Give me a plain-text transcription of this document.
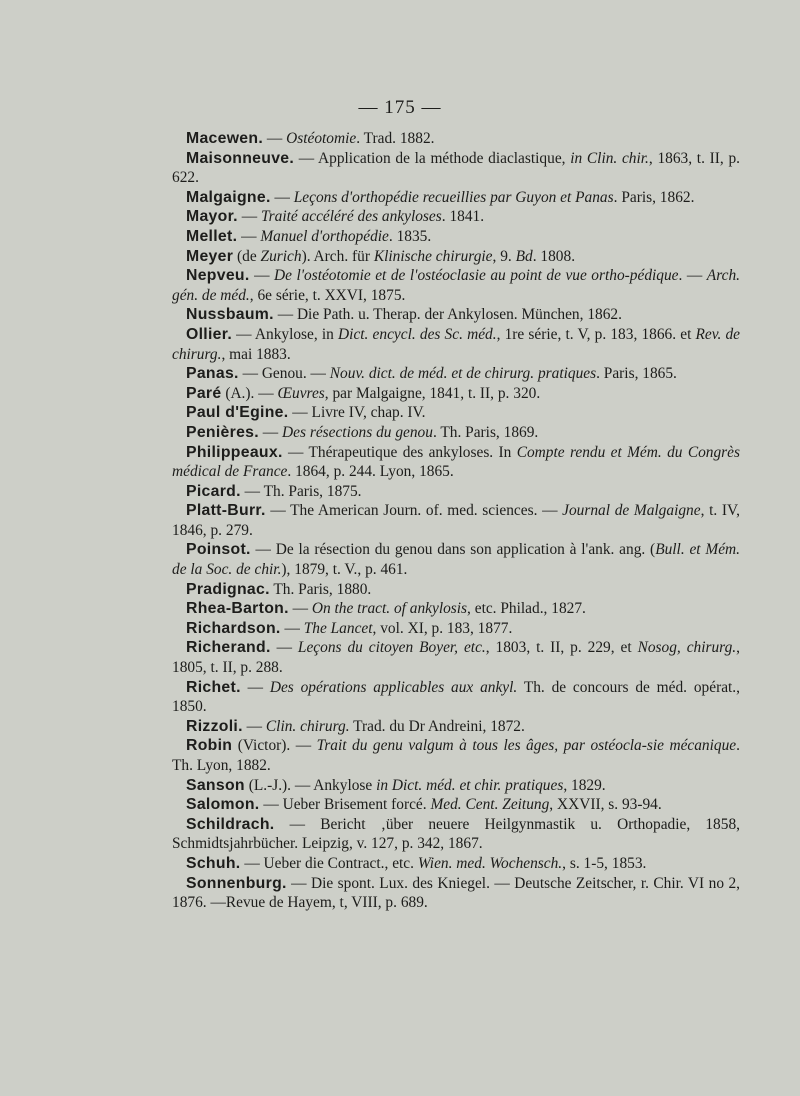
— 175 —

Macewen. — Ostéotomie. Trad. 1882.

Maisonneuve. — Application de la méthode diaclastique, in Clin. chir., 1863, t. II, p. 622.

Malgaigne. — Leçons d'orthopédie recueillies par Guyon et Panas. Paris, 1862.

Mayor. — Traité accéléré des ankyloses. 1841.

Mellet. — Manuel d'orthopédie. 1835.

Meyer (de Zurich). Arch. für Klinische chirurgie, 9. Bd. 1808.

Nepveu. — De l'ostéotomie et de l'ostéoclasie au point de vue ortho-pédique. — Arch. gén. de méd., 6e série, t. XXVI, 1875.

Nussbaum. — Die Path. u. Therap. der Ankylosen. München, 1862.

Ollier. — Ankylose, in Dict. encycl. des Sc. méd., 1re série, t. V, p. 183, 1866. et Rev. de chirurg., mai 1883.

Panas. — Genou. — Nouv. dict. de méd. et de chirurg. pratiques. Paris, 1865.

Paré (A.). — Œuvres, par Malgaigne, 1841, t. II, p. 320.

Paul d'Egine. — Livre IV, chap. IV.

Penières. — Des résections du genou. Th. Paris, 1869.

Philippeaux. — Thérapeutique des ankyloses. In Compte rendu et Mém. du Congrès médical de France. 1864, p. 244. Lyon, 1865.

Picard. — Th. Paris, 1875.

Platt-Burr. — The American Journ. of. med. sciences. — Journal de Malgaigne, t. IV, 1846, p. 279.

Poinsot. — De la résection du genou dans son application à l'ank. ang. (Bull. et Mém. de la Soc. de chir.), 1879, t. V., p. 461.

Pradignac. Th. Paris, 1880.

Rhea-Barton. — On the tract. of ankylosis, etc. Philad., 1827.

Richardson. — The Lancet, vol. XI, p. 183, 1877.

Richerand. — Leçons du citoyen Boyer, etc., 1803, t. II, p. 229, et Nosog, chirurg., 1805, t. II, p. 288.

Richet. — Des opérations applicables aux ankyl. Th. de concours de méd. opérat., 1850.

Rizzoli. — Clin. chirurg. Trad. du Dr Andreini, 1872.

Robin (Victor). — Trait du genu valgum à tous les âges, par ostéocla-sie mécanique. Th. Lyon, 1882.

Sanson (L.-J.). — Ankylose in Dict. méd. et chir. pratiques, 1829.

Salomon. — Ueber Brisement forcé. Med. Cent. Zeitung, XXVII, s. 93-94.

Schildrach. — Bericht ‚über neuere Heilgynmastik u. Orthopadie, 1858, Schmidtsjahrbücher. Leipzig, v. 127, p. 342, 1867.

Schuh. — Ueber die Contract., etc. Wien. med. Wochensch., s. 1-5, 1853.

Sonnenburg. — Die spont. Lux. des Kniegel. — Deutsche Zeitscher, r. Chir. VI no 2, 1876. —Revue de Hayem, t, VIII, p. 689.
